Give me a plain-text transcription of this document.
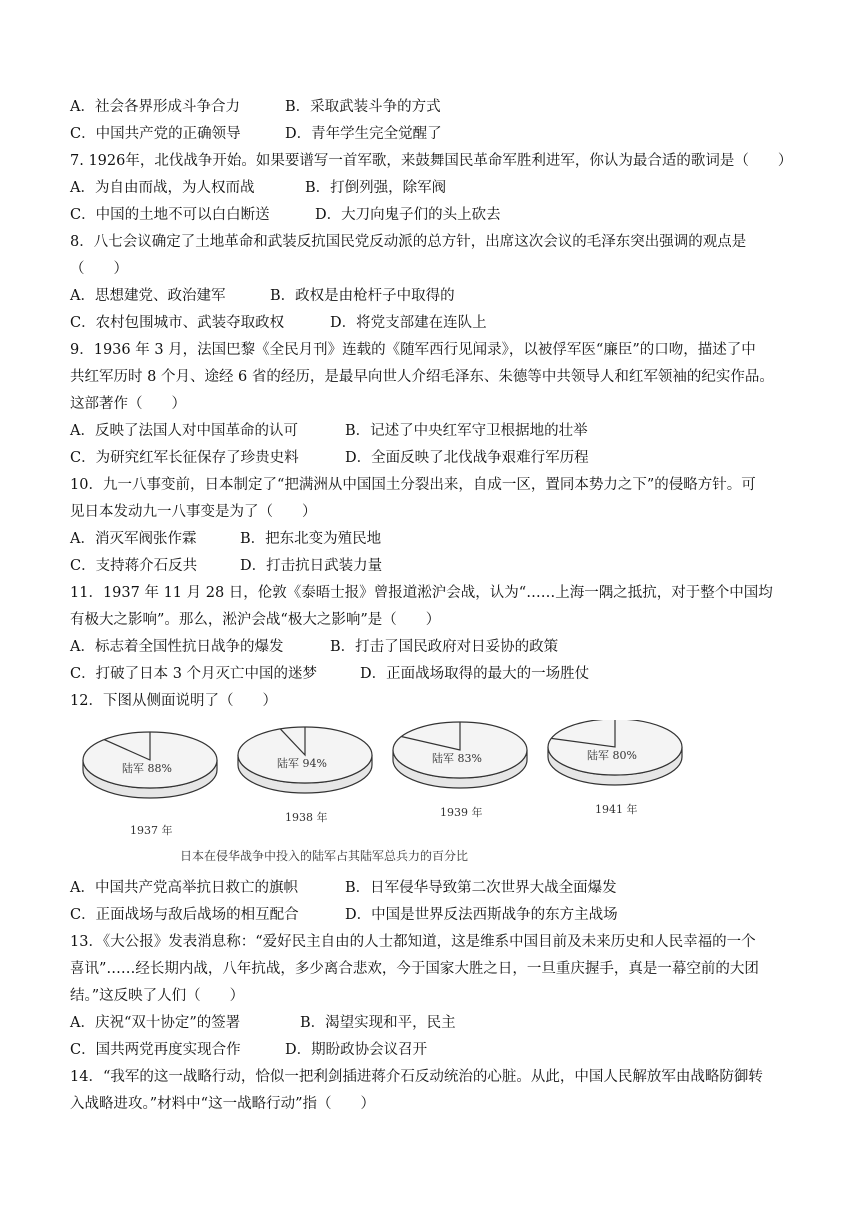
A．社会各界形成斗争合力	B．采取武装斗争的方式
C．中国共产党的正确领导	D．青年学生完全觉醒了
7. 1926年，北伐战争开始。如果要谱写一首军歌，来鼓舞国民革命军胜利进军，你认为最合适的歌词是（　　）
A．为自由而战，为人权而战	B．打倒列强，除军阀
C．中国的土地不可以白白断送	D．大刀向鬼子们的头上砍去
8．八七会议确定了土地革命和武装反抗国民党反动派的总方针，出席这次会议的毛泽东突出强调的观点是
（　　）
A．思想建党、政治建军	B．政权是由枪杆子中取得的
C．农村包围城市、武装夺取政权	D．将党支部建在连队上
9．1936 年 3 月，法国巴黎《全民月刊》连载的《随军西行见闻录》，以被俘军医“廉臣”的口吻，描述了中
共红军历时 8 个月、途经 6 省的经历，是最早向世人介绍毛泽东、朱德等中共领导人和红军领袖的纪实作品。
这部著作（　　）
A．反映了法国人对中国革命的认可	B．记述了中央红军守卫根据地的壮举
C．为研究红军长征保存了珍贵史料	D．全面反映了北伐战争艰难行军历程
10．九一八事变前，日本制定了“把满洲从中国国土分裂出来，自成一区，置同本势力之下”的侵略方针。可
见日本发动九一八事变是为了（　　）
A．消灭军阀张作霖	B．把东北变为殖民地
C．支持蒋介石反共	D．打击抗日武装力量
11．1937 年 11 月 28 日，伦敦《泰晤士报》曾报道淞沪会战，认为“……上海一隅之抵抗，对于整个中国均
有极大之影响”。那么，淞沪会战“极大之影响”是（　　）
A．标志着全国性抗日战争的爆发	B．打击了国民政府对日妥协的政策
C．打破了日本 3 个月灭亡中国的迷梦	D．正面战场取得的最大的一场胜仗
12．下图从侧面说明了（　　）
日本在侵华战争中投入的陆军占其陆军总兵力的百分比
陆军 88%
1937 年
陆军 94%
1938 年
陆军 83%
1939 年
陆军 80%
1941 年
A．中国共产党高举抗日救亡的旗帜	B．日军侵华导致第二次世界大战全面爆发
C．正面战场与敌后战场的相互配合	D．中国是世界反法西斯战争的东方主战场
13．《大公报》发表消息称：“爱好民主自由的人士都知道，这是维系中国目前及未来历史和人民幸福的一个
喜讯”……经长期内战，八年抗战，多少离合悲欢，今于国家大胜之日，一旦重庆握手，真是一幕空前的大团
结。”这反映了人们（　　）
A．庆祝“双十协定”的签署	B．渴望实现和平，民主
C．国共两党再度实现合作	D．期盼政协会议召开
14．“我军的这一战略行动，恰似一把利剑插进蒋介石反动统治的心脏。从此，中国人民解放军由战略防御转
入战略进攻。”材料中“这一战略行动”指（　　）
